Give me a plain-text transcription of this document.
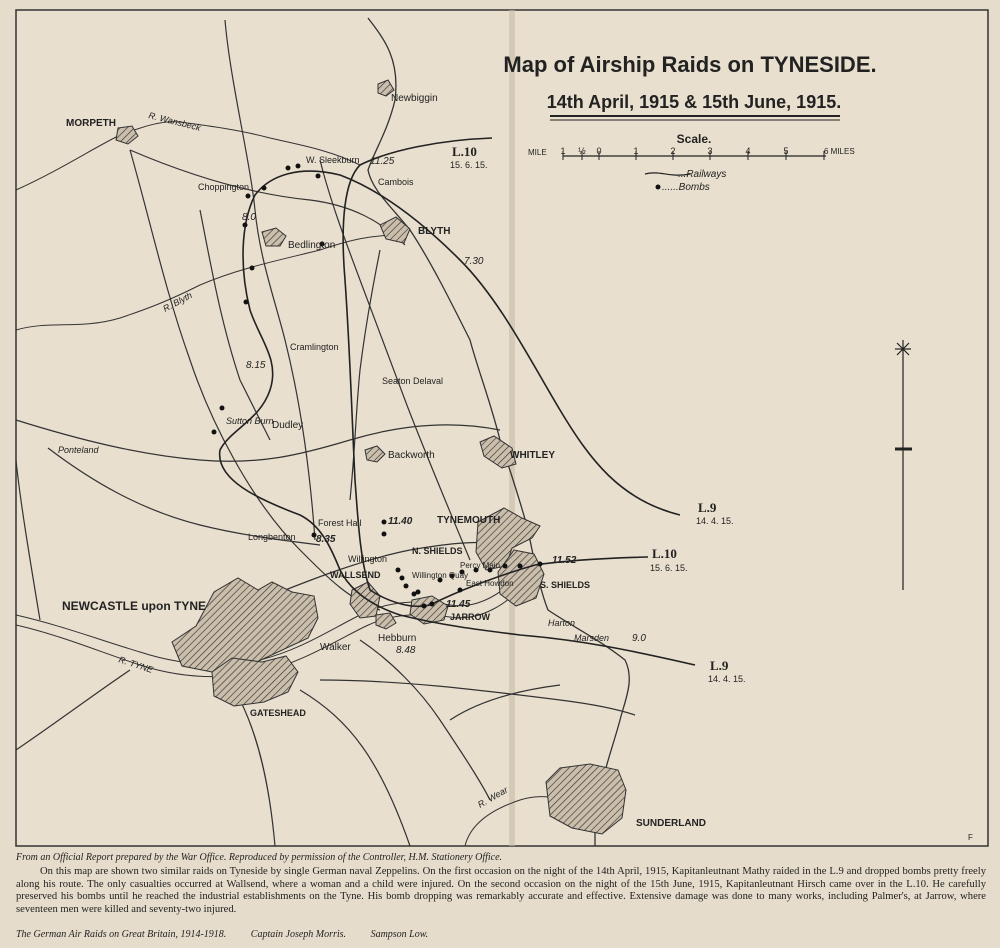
Map of Airship Raids on TYNESIDE.
14th April, 1915 & 15th June, 1915.
Scale.
MILE 1 ½ 0	1	2	3	4	5	6 MILES
...Railways
......Bombs
R. Wansbeck
R. Blyth
R. TYNE
R. Wear
MORPETH
Newbiggin
W. Sleekburn
Cambois
Choppington
Bedlington
BLYTH
Cramlington
Seaton Delaval
Sutton Burn
Dudley
Backworth	WHITLEY
Ponteland
Longbenton
Forest Hall	TYNEMOUTH
N. SHIELDS
Willington
WALLSEND	Willington Quay
Percy Main
East Howdon	S. SHIELDS
JARROW
Hebburn
Harton
Marsden
NEWCASTLE upon TYNE
Walker
GATESHEAD
SUNDERLAND
11.25
8.0
7.30
8.15
11.40
8.35
11.52
11.45
8.48
9.0
L.10
15. 6. 15.
L.9
14. 4. 15.
L.10
15. 6. 15.
L.9
14. 4. 15.
F
From an Official Report prepared by the War Office. Reproduced by permission of the Controller, H.M. Stationery Office.
On this map are shown two similar raids on Tyneside by single German naval Zeppelins. On the first occasion on the night of the 14th April, 1915, Kapitanleutnant Mathy raided in the L.9 and dropped bombs pretty freely along his route. The only casualties occurred at Wallsend, where a woman and a child were injured. On the second occasion on the night of the 15th June, 1915, Kapitanleutnant Hirsch came over in the L.10. He carefully preserved his bombs until he reached the industrial establishments on the Tyne. His bomb dropping was remarkably accurate and effective. Extensive damage was done to many works, including Palmer's, at Jarrow, where seventeen men were killed and seventy-two injured.
The German Air Raids on Great Britain, 1914-1918. Captain Joseph Morris. Sampson Low.
